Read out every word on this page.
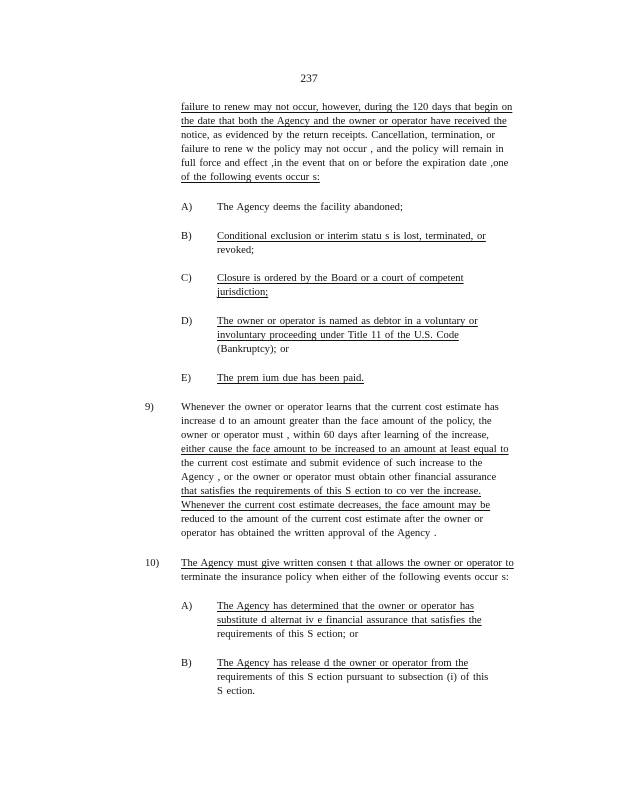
237
failure to renew may not occur, however, during the 120 days that begin on
the date that both the Agency and the owner or operator have received the
notice, as evidenced by the return receipts. Cancellation, termination, or
failure to rene w the policy may not occur , and the policy will remain in
full force and effect ,in the event that on or before the expiration date ,one
of the following events occur s:
A) The Agency deems the facility abandoned;
B) Conditional exclusion or interim statu s is lost, terminated, or
revoked;
C) Closure is ordered by the Board or a court of competent
jurisdiction;
D) The owner or operator is named as debtor in a voluntary or
involuntary proceeding under Title 11 of the U.S. Code
(Bankruptcy); or
E) The prem ium due has been paid.
9)	Whenever the owner or operator learns that the current cost estimate has
increase d to an amount greater than the face amount of the policy, the
owner or operator must , within 60 days after learning of the increase,
either cause the face amount to be increased to an amount at least equal to
the current cost estimate and submit evidence of such increase to the
Agency , or the owner or operator must obtain other financial assurance
that satisfies the requirements of this S ection to co ver the increase.
Whenever the current cost estimate decreases, the face amount may be
reduced to the amount of the current cost estimate after the owner or
operator has obtained the written approval of the Agency .
10) The Agency must give written consen t that allows the owner or operator to
terminate the insurance policy when either of the following events occur s:
A) The Agency has determined that the owner or operator has
substitute d alternat iv e financial assurance that satisfies the
requirements of this S ection; or
B) The Agency has release d the owner or operator from the
requirements of this S ection pursuant to subsection (i) of this
S ection.
